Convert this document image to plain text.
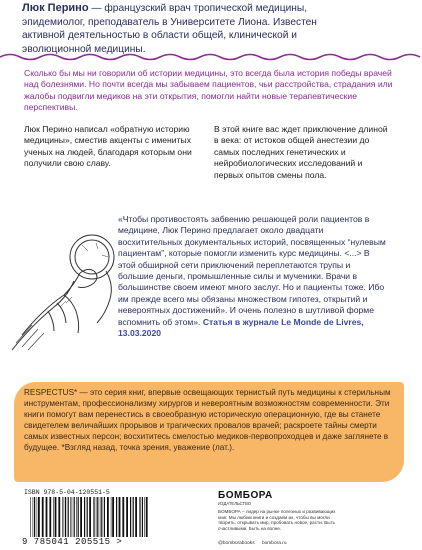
Люк Перино — французский врач тропической медицины, эпидемиолог, преподаватель в Университете Лиона. Известен активной деятельностью в области общей, клинической и эволюционной медицины.
Сколько бы мы ни говорили об истории медицины, это всегда была история победы врачей над болезнями. Но почти всегда мы забываем пациентов, чьи расстройства, страдания или жалобы подвигли медиков на эти открытия, помогли найти новые терапевтические перспективы.
Люк Перино написал «обратную историю медицины», сместив акценты с именитых ученых на людей, благодаря которым они получили свою славу.
В этой книге вас ждет приключение длиной в века: от истоков общей анестезии до самых последних генетических и нейробиологических исследований и первых опытов смены пола.
«Чтобы противостоять забвению решающей роли пациентов в медицине, Люк Перино предлагает около двадцати восхитительных документальных историй, посвященных “нулевым пациентам”, которые помогли изменить курс медицины. <...> В этой обширной сети приключений переплетаются трупы и большие деньги, промышленные силы и мученики. Врачи в большинстве своем имеют много заслуг. Но и пациенты тоже. Ибо им прежде всего мы обязаны множеством гипотез, открытий и невероятных достижений». И очень полезно в шутливой форме вспомнить об этом». Статья в журнале Le Monde de Livres, 13.03.2020
RESPECTUS* — это серия книг, впервые освещающих тернистый путь медицины к стерильным инструментам, профессионализму хирургов и невероятным возможностям современности. Эти книги помогут вам перенестись в своеобразную историческую операционную, где вы станете свидетелем величайших прорывов и трагических провалов врачей; раскроете тайны смерти самых известных персон; восхититесь смелостью медиков-первопроходцев и даже заглянете в будущее. *Взгляд назад, точка зрения, уважение (лат.).
ISBN 978-5-04-120551-5
9 785041 205515 >
БОМБОРА
ИЗДАТЕЛЬСТВО
БОМБОРА – лидер на рынке полезных и развивающих книг. Мы любим книги и создаем их, чтобы вы могли творить, открывать мир, пробовать новое, расти. Быть счастливыми. Быть на волне.
@bomborabooks bombora.ru
